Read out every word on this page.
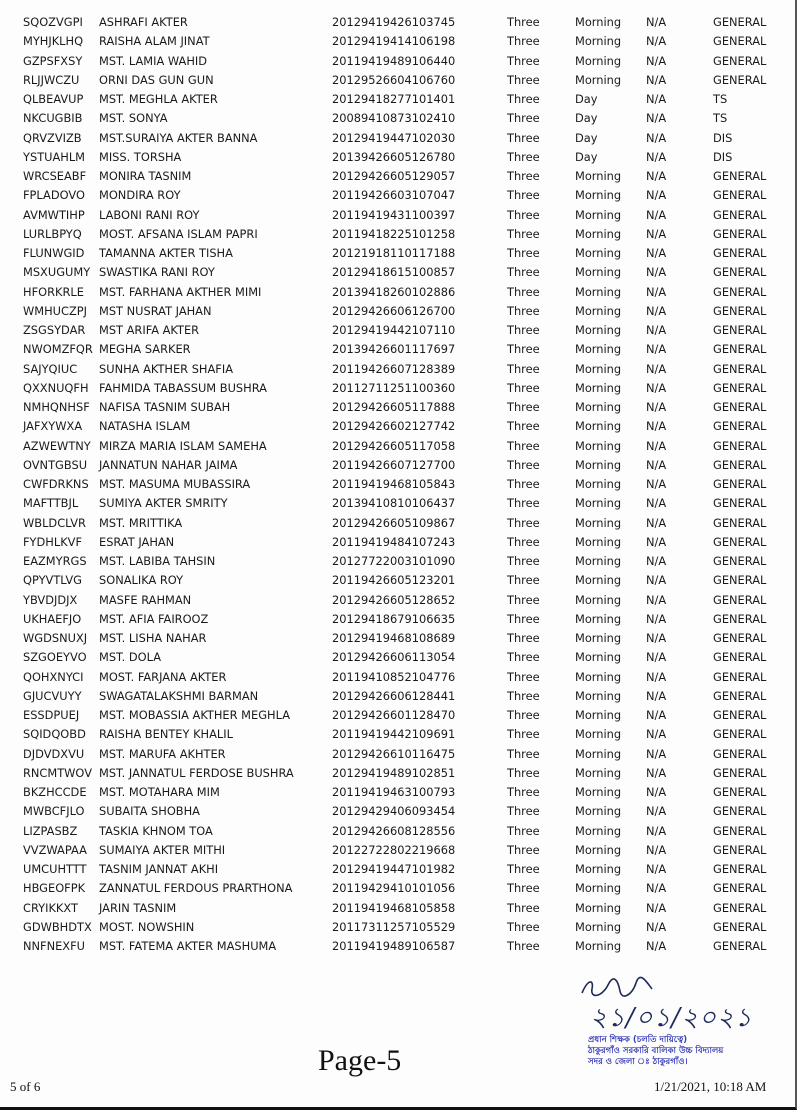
SQOZVGPI ASHRAFI AKTER	20129419426103745	Three	Morning N/A	GENERAL
MYHJKLHQ RAISHA ALAM JINAT	20129419414106198	Three	Morning N/A	GENERAL
GZPSFXSY MST. LAMIA WAHID	20119419489106440	Three	Morning N/A	GENERAL
RLJJWCZU ORNI DAS GUN GUN	20129526604106760	Three	Morning N/A	GENERAL
QLBEAVUP MST. MEGHLA AKTER	20129418277101401	Three	Day	N/A	TS
NKCUGBIB MST. SONYA	20089410873102410	Three	Day	N/A	TS
QRVZVIZB MST.SURAIYA AKTER BANNA	20129419447102030	Three	Day	N/A	DIS
YSTUAHLM MISS. TORSHA	20139426605126780	Three	Day	N/A	DIS
WRCSEABF MONIRA TASNIM	20129426605129057	Three	Morning N/A	GENERAL
FPLADOVO MONDIRA ROY	20119426603107047	Three	Morning N/A	GENERAL
AVMWTIHP LABONI RANI ROY	20119419431100397	Three	Morning N/A	GENERAL
LURLBPYQ MOST. AFSANA ISLAM PAPRI	20119418225101258	Three	Morning N/A	GENERAL
FLUNWGID TAMANNA AKTER TISHA	20121918110117188	Three	Morning N/A	GENERAL
MSXUGUMY SWASTIKA RANI ROY	20129418615100857	Three	Morning N/A	GENERAL
HFORKRLE MST. FARHANA AKTHER MIMI	20139418260102886	Three	Morning N/A	GENERAL
WMHUCZPJ MST NUSRAT JAHAN	20129426606126700	Three	Morning N/A	GENERAL
ZSGSYDAR MST ARIFA AKTER	20129419442107110	Three	Morning N/A	GENERAL
NWOMZFQR MEGHA SARKER	20139426601117697	Three	Morning N/A	GENERAL
SAJYQIUC SUNHA AKTHER SHAFIA	20119426607128389	Three	Morning N/A	GENERAL
QXXNUQFH FAHMIDA TABASSUM BUSHRA	20112711251100360	Three	Morning N/A	GENERAL
NMHQNHSF NAFISA TASNIM SUBAH	20129426605117888	Three	Morning N/A	GENERAL
JAFXYWXA NATASHA ISLAM	20129426602127742	Three	Morning N/A	GENERAL
AZWEWTNY MIRZA MARIA ISLAM SAMEHA	20129426605117058	Three	Morning N/A	GENERAL
OVNTGBSU JANNATUN NAHAR JAIMA	20119426607127700	Three	Morning N/A	GENERAL
CWFDRKNS MST. MASUMA MUBASSIRA	20119419468105843	Three	Morning N/A	GENERAL
MAFTTBJL SUMIYA AKTER SMRITY	20139410810106437	Three	Morning N/A	GENERAL
WBLDCLVR MST. MRITTIKA	20129426605109867	Three	Morning N/A	GENERAL
FYDHLKVF ESRAT JAHAN	20119419484107243	Three	Morning N/A	GENERAL
EAZMYRGS MST. LABIBA TAHSIN	20127722003101090	Three	Morning N/A	GENERAL
QPYVTLVG SONALIKA ROY	20119426605123201	Three	Morning N/A	GENERAL
YBVDJDJX MASFE RAHMAN	20129426605128652	Three	Morning N/A	GENERAL
UKHAEFJO MST. AFIA FAIROOZ	20129418679106635	Three	Morning N/A	GENERAL
WGDSNUXJ MST. LISHA NAHAR	20129419468108689	Three	Morning N/A	GENERAL
SZGOEYVO MST. DOLA	20129426606113054	Three	Morning N/A	GENERAL
QOHXNYCI MOST. FARJANA AKTER	20119410852104776	Three	Morning N/A	GENERAL
GJUCVUYY SWAGATALAKSHMI BARMAN	20129426606128441	Three	Morning N/A	GENERAL
ESSDPUEJ MST. MOBASSIA AKTHER MEGHLA	20129426601128470	Three	Morning N/A	GENERAL
SQIDQOBD RAISHA BENTEY KHALIL	20119419442109691	Three	Morning N/A	GENERAL
DJDVDXVU MST. MARUFA AKHTER	20129426610116475	Three	Morning N/A	GENERAL
RNCMTWOV MST. JANNATUL FERDOSE BUSHRA	20129419489102851	Three	Morning N/A	GENERAL
BKZHCCDE MST. MOTAHARA MIM	20119419463100793	Three	Morning N/A	GENERAL
MWBCFJLO SUBAITA SHOBHA	20129429406093454	Three	Morning N/A	GENERAL
LIZPASBZ TASKIA KHNOM TOA	20129426608128556	Three	Morning N/A	GENERAL
VVZWAPAA SUMAIYA AKTER MITHI	20122722802219668	Three	Morning N/A	GENERAL
UMCUHTTT TASNIM JANNAT AKHI	20129419447101982	Three	Morning N/A	GENERAL
HBGEOFPK ZANNATUL FERDOUS PRARTHONA	20119429410101056	Three	Morning N/A	GENERAL
CRYIKKXT JARIN TASNIM	20119419468105858	Three	Morning N/A	GENERAL
GDWBHDTX MOST. NOWSHIN	20117311257105529	Three	Morning N/A	GENERAL
NNFNEXFU MST. FATEMA AKTER MASHUMA	20119419489106587	Three	Morning N/A	GENERAL
২১/০১/২০২১
প্রধান শিক্ষক (চলতি দায়িত্বে)
ঠাকুরগাঁও সরকারি বালিকা উচ্চ বিদ্যালয়
সদর ও জেলা ঃ ঠাকুরগাঁও।
Page-5
5 of 6	1/21/2021, 10:18 AM
